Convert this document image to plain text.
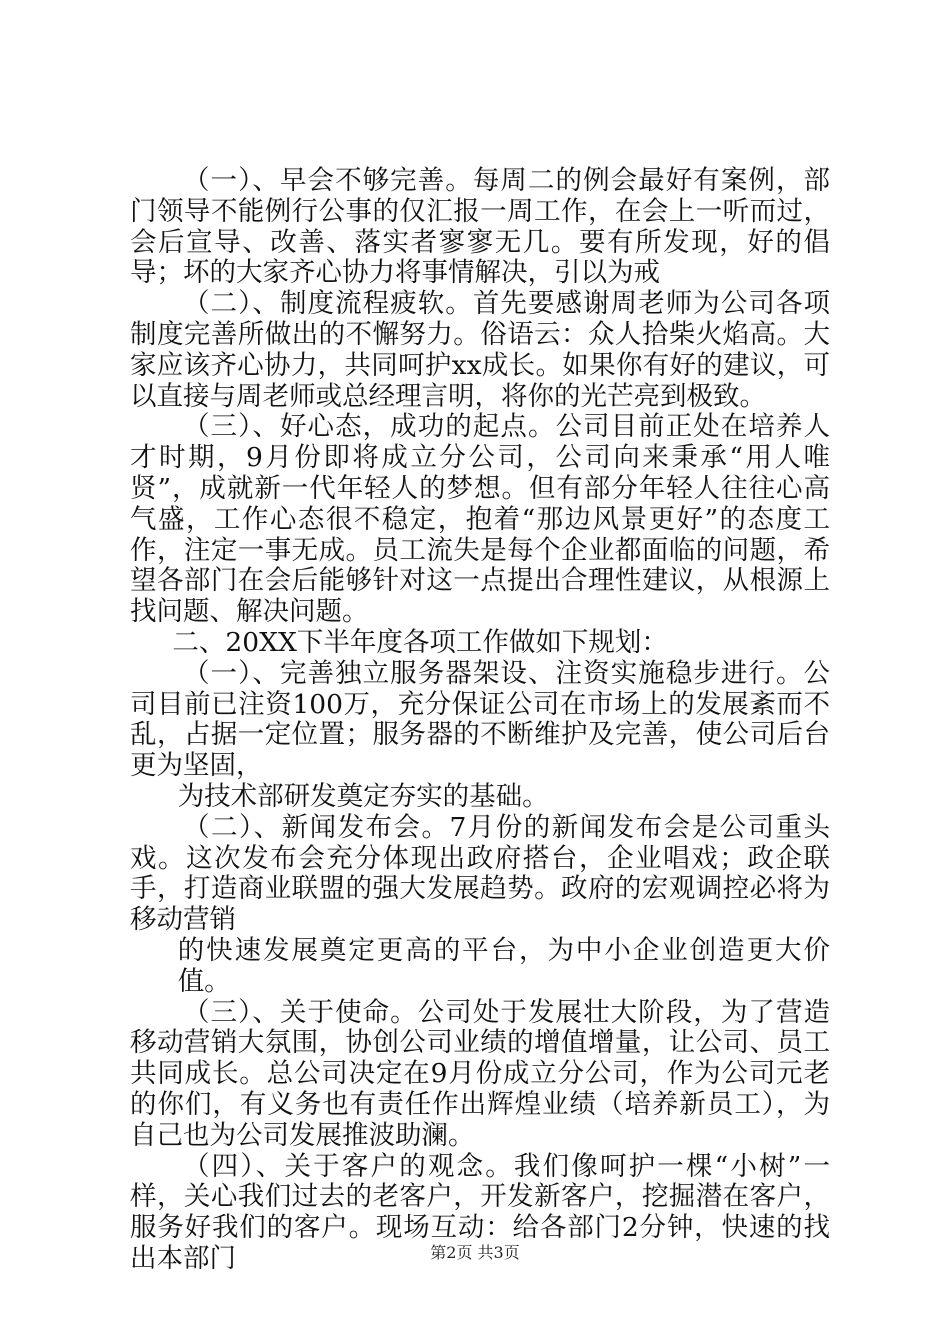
（一）、早会不够完善。每周二的例会最好有案例，部门领导不能例行公事的仅汇报一周工作，在会上一听而过，会后宣导、改善、落实者寥寥无几。要有所发现，好的倡导；坏的大家齐心协力将事情解决，引以为戒

（二）、制度流程疲软。首先要感谢周老师为公司各项制度完善所做出的不懈努力。俗语云：众人拾柴火焰高。大家应该齐心协力，共同呵护xx成长。如果你有好的建议，可以直接与周老师或总经理言明，将你的光芒亮到极致。

（三）、好心态，成功的起点。公司目前正处在培养人才时期，9月份即将成立分公司，公司向来秉承“用人唯贤”，成就新一代年轻人的梦想。但有部分年轻人往往心高气盛，工作心态很不稳定，抱着“那边风景更好”的态度工作，注定一事无成。员工流失是每个企业都面临的问题，希望各部门在会后能够针对这一点提出合理性建议，从根源上找问题、解决问题。

二、20XX下半年度各项工作做如下规划：

（一）、完善独立服务器架设、注资实施稳步进行。公司目前已注资100万，充分保证公司在市场上的发展紊而不乱，占据一定位置；服务器的不断维护及完善，使公司后台更为坚固，

为技术部研发奠定夯实的基础。

（二）、新闻发布会。7月份的新闻发布会是公司重头戏。这次发布会充分体现出政府搭台，企业唱戏；政企联手，打造商业联盟的强大发展趋势。政府的宏观调控必将为移动营销

的快速发展奠定更高的平台，为中小企业创造更大价值。

（三）、关于使命。公司处于发展壮大阶段，为了营造移动营销大氛围，协创公司业绩的增值增量，让公司、员工共同成长。总公司决定在9月份成立分公司，作为公司元老的你们，有义务也有责任作出辉煌业绩（培养新员工），为自己也为公司发展推波助澜。

（四）、关于客户的观念。我们像呵护一棵“小树”一样，关心我们过去的老客户，开发新客户，挖掘潜在客户，服务好我们的客户。现场互动：给各部门2分钟，快速的找出本部门	第2页 共3页
